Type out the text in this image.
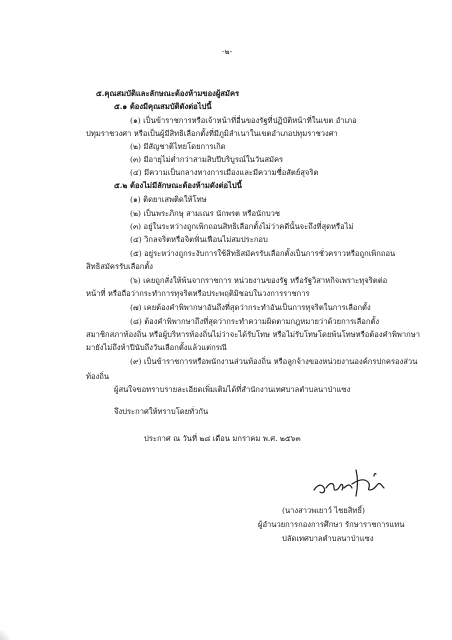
-๒-
๕.คุณสมบัติและลักษณะต้องห้ามของผู้สมัคร
๕.๑ ต้องมีคุณสมบัติดังต่อไปนี้
(๑) เป็นข้าราชการหรือเจ้าหน้าที่อื่นของรัฐที่ปฏิบัติหน้าที่ในเขต อำเภอ
ปทุมราชวงศา หรือเป็นผู้มีสิทธิเลือกตั้งที่มีภูมิลำเนาในเขตอำเภอปทุมราชวงศา
(๒) มีสัญชาติไทยโดยการเกิด
(๓) มีอายุไม่ต่ำกว่าสามสิบปีบริบูรณ์ในวันสมัคร
(๔) มีความเป็นกลางทางการเมืองและมีความซื่อสัตย์สุจริต
๕.๒ ต้องไม่มีลักษณะต้องห้ามดังต่อไปนี้
(๑) ติดยาเสพติดให้โทษ
(๒) เป็นพระภิกษุ สามเณร นักพรต หรือนักบวช
(๓) อยู่ในระหว่างถูกเพิกถอนสิทธิเลือกตั้งไม่ว่าคดีนั้นจะถึงที่สุดหรือไม่
(๔) วิกลจริตหรือจิตฟั่นเฟือนไม่สมประกอบ
(๕) อยู่ระหว่างถูกระงับการใช้สิทธิสมัครรับเลือกตั้งเป็นการชั่วคราวหรือถูกเพิกถอน
สิทธิสมัครรับเลือกตั้ง
(๖) เคยถูกสั่งให้พ้นจากราชการ หน่วยงานของรัฐ หรือรัฐวิสาหกิจเพราะทุจริตต่อ
หน้าที่ หรือถือว่ากระทำการทุจริตหรือประพฤติมิชอบในวงการราชการ
(๗) เคยต้องคำพิพากษาอันถึงที่สุดว่ากระทำอันเป็นการทุจริตในการเลือกตั้ง
(๘) ต้องคำพิพากษาถึงที่สุดว่ากระทำความผิดตามกฎหมายว่าด้วยการเลือกตั้ง
สมาชิกสภาท้องถิ่น หรือผู้บริหารท้องถิ่นไม่ว่าจะได้รับโทษ หรือไม่รับโทษโดยพ้นโทษหรือต้องคำพิพากษา
มายังไม่ถึงห้าปีนับถึงวันเลือกตั้งแล้วแต่กรณี
(๙) เป็นข้าราชการหรือพนักงานส่วนท้องถิ่น หรือลูกจ้างของหน่วยงานองค์กรปกครองส่วน
ท้องถิ่น
ผู้สนใจขอทราบรายละเอียดเพิ่มเติมได้ที่สำนักงานเทศบาลตำบลนาป่าแซง
จึงประกาศให้ทราบโดยทั่วกัน
ประกาศ ณ วันที่ ๒๘ เดือน มกราคม พ.ศ. ๒๕๖๓
(นางสาวพเยาว์ ไชยสิทธิ์)
ผู้อำนวยการกองการศึกษา รักษาราชการแทน
ปลัดเทศบาลตำบลนาป่าแซง
